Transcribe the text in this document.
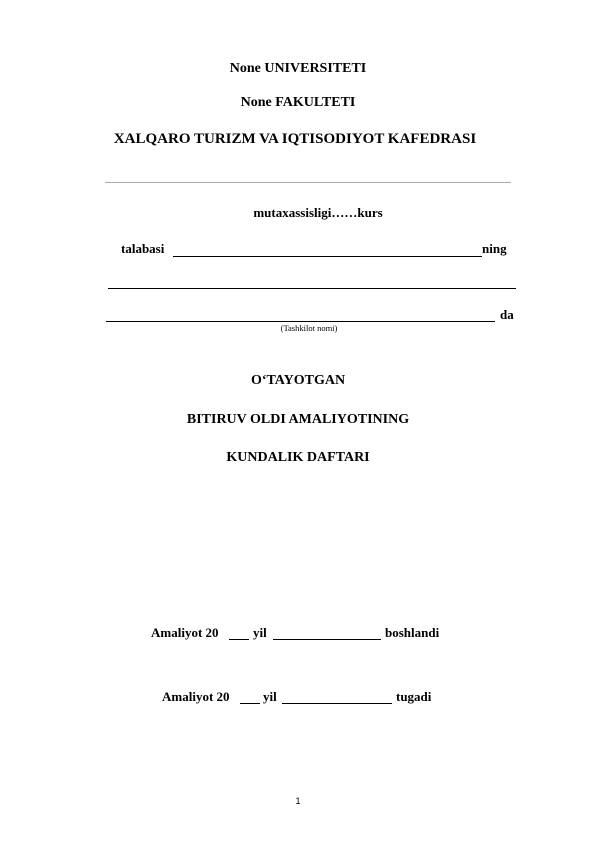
None UNIVERSITETI
None FAKULTETI
XALQARO TURIZM VA IQTISODIYOT KAFEDRASI
mutaxassisligi……kurs
talabasi	ning
da
(Tashkilot nomi)
O‘TAYOTGAN
BITIRUV OLDI AMALIYOTINING
KUNDALIK DAFTARI
Amaliyot 20	yil	boshlandi
Amaliyot 20	yil	tugadi
1
